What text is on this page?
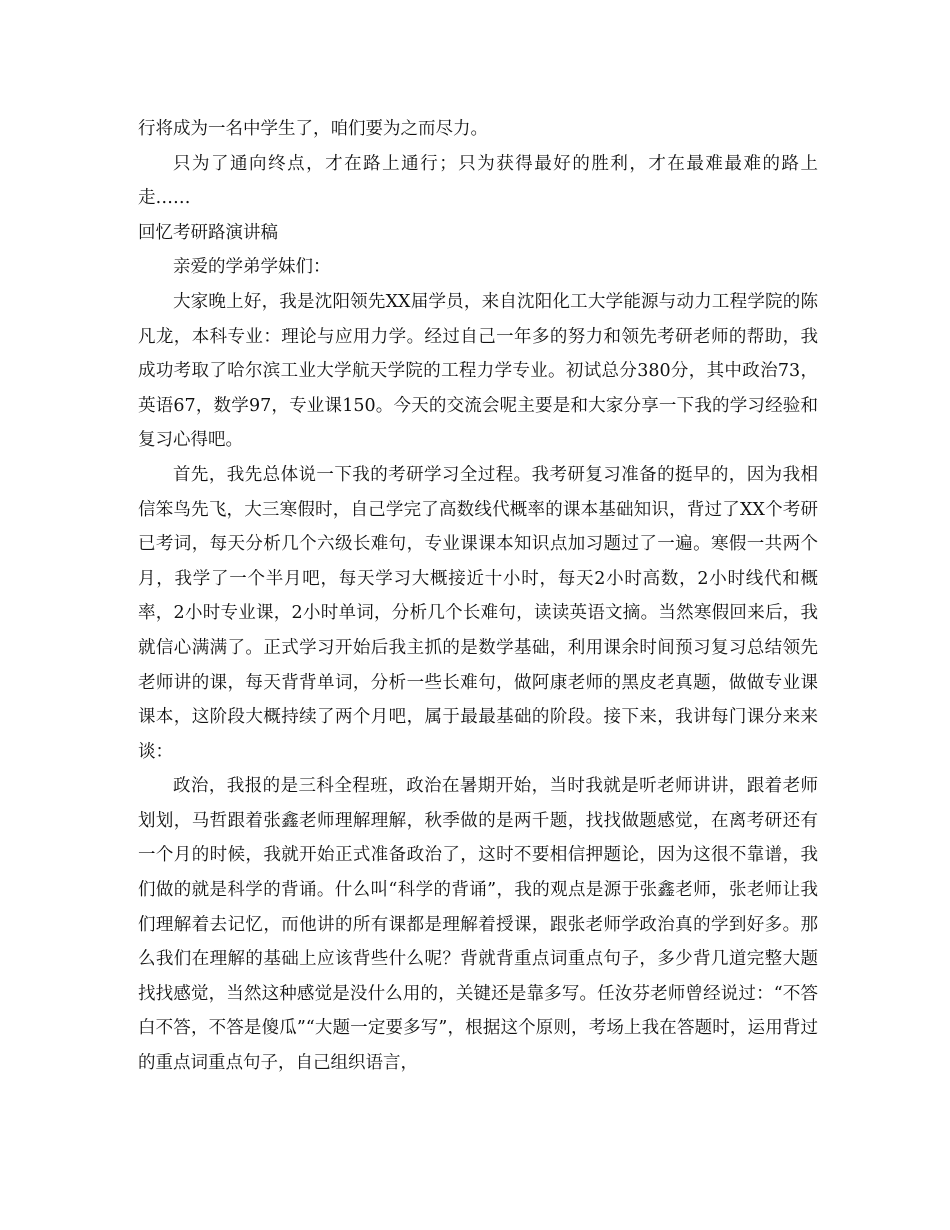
行将成为一名中学生了，咱们要为之而尽力。

只为了通向终点，才在路上通行；只为获得最好的胜利，才在最难最难的路上走……

回忆考研路演讲稿

亲爱的学弟学妹们：

大家晚上好，我是沈阳领先XX届学员，来自沈阳化工大学能源与动力工程学院的陈凡龙，本科专业：理论与应用力学。经过自己一年多的努力和领先考研老师的帮助，我成功考取了哈尔滨工业大学航天学院的工程力学专业。初试总分380分，其中政治73，英语67，数学97，专业课150。今天的交流会呢主要是和大家分享一下我的学习经验和复习心得吧。

首先，我先总体说一下我的考研学习全过程。我考研复习准备的挺早的，因为我相信笨鸟先飞，大三寒假时，自己学完了高数线代概率的课本基础知识，背过了XX个考研已考词，每天分析几个六级长难句，专业课课本知识点加习题过了一遍。寒假一共两个月，我学了一个半月吧，每天学习大概接近十小时，每天2小时高数，2小时线代和概率，2小时专业课，2小时单词，分析几个长难句，读读英语文摘。当然寒假回来后，我就信心满满了。正式学习开始后我主抓的是数学基础，利用课余时间预习复习总结领先老师讲的课，每天背背单词，分析一些长难句，做阿康老师的黑皮老真题，做做专业课课本，这阶段大概持续了两个月吧，属于最最基础的阶段。接下来，我讲每门课分来来谈：

政治，我报的是三科全程班，政治在暑期开始，当时我就是听老师讲讲，跟着老师划划，马哲跟着张鑫老师理解理解，秋季做的是两千题，找找做题感觉，在离考研还有一个月的时候，我就开始正式准备政治了，这时不要相信押题论，因为这很不靠谱，我们做的就是科学的背诵。什么叫“科学的背诵”，我的观点是源于张鑫老师，张老师让我们理解着去记忆，而他讲的所有课都是理解着授课，跟张老师学政治真的学到好多。那么我们在理解的基础上应该背些什么呢？背就背重点词重点句子，多少背几道完整大题找找感觉，当然这种感觉是没什么用的，关键还是靠多写。任汝芬老师曾经说过：“不答白不答，不答是傻瓜”“大题一定要多写”，根据这个原则，考场上我在答题时，运用背过的重点词重点句子，自己组织语言，
